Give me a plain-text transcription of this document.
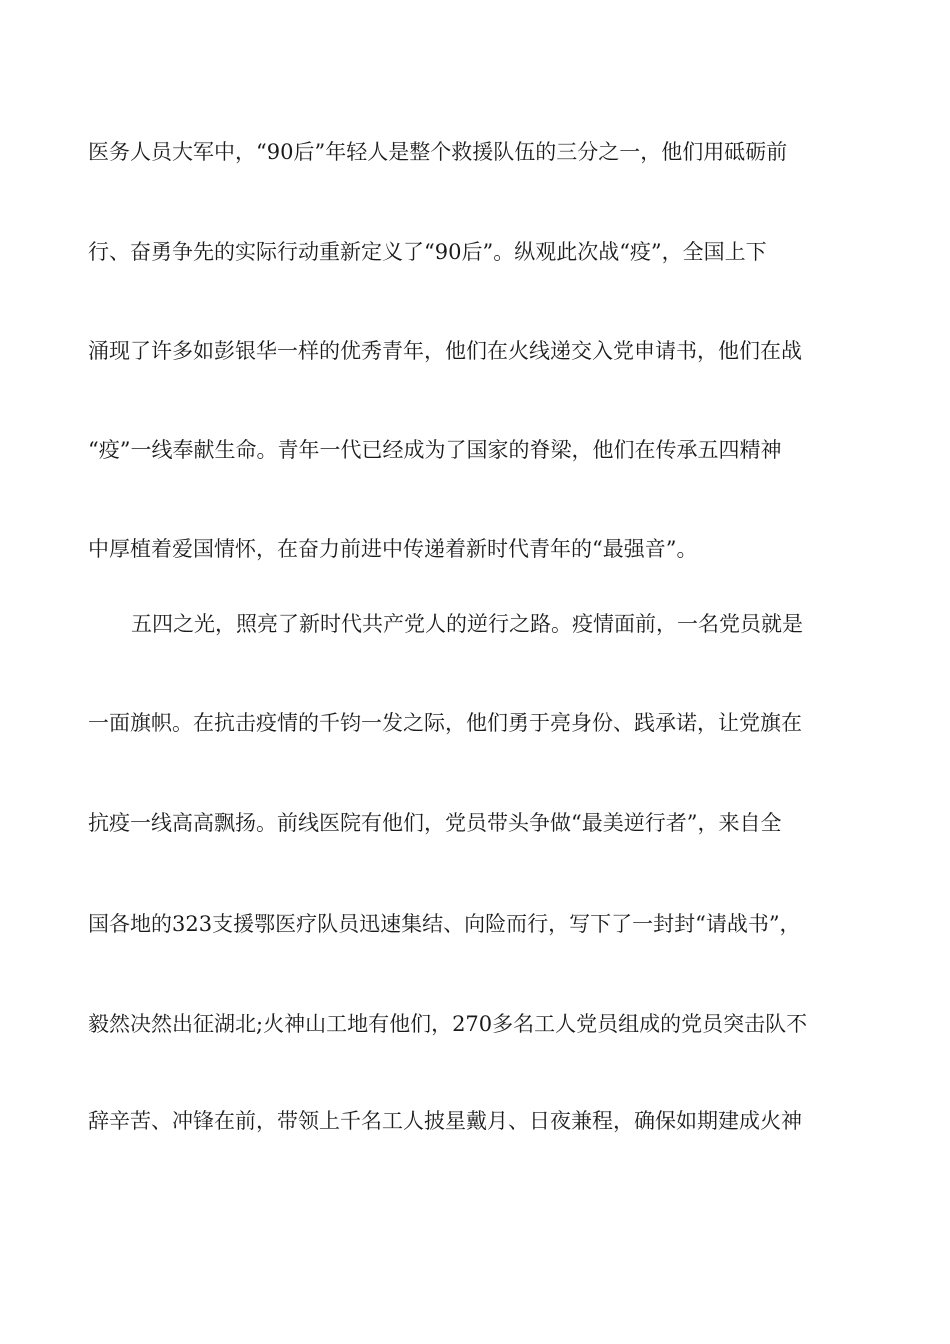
医务人员大军中，“90后”年轻人是整个救援队伍的三分之一，他们用砥砺前
行、奋勇争先的实际行动重新定义了“90后”。纵观此次战“疫”，全国上下
涌现了许多如彭银华一样的优秀青年，他们在火线递交入党申请书，他们在战
“疫”一线奉献生命。青年一代已经成为了国家的脊梁，他们在传承五四精神
中厚植着爱国情怀，在奋力前进中传递着新时代青年的“最强音”。
五四之光，照亮了新时代共产党人的逆行之路。疫情面前，一名党员就是
一面旗帜。在抗击疫情的千钧一发之际，他们勇于亮身份、践承诺，让党旗在
抗疫一线高高飘扬。前线医院有他们，党员带头争做“最美逆行者”，来自全
国各地的323支援鄂医疗队员迅速集结、向险而行，写下了一封封“请战书”，
毅然决然出征湖北;火神山工地有他们，270多名工人党员组成的党员突击队不
辞辛苦、冲锋在前，带领上千名工人披星戴月、日夜兼程，确保如期建成火神
